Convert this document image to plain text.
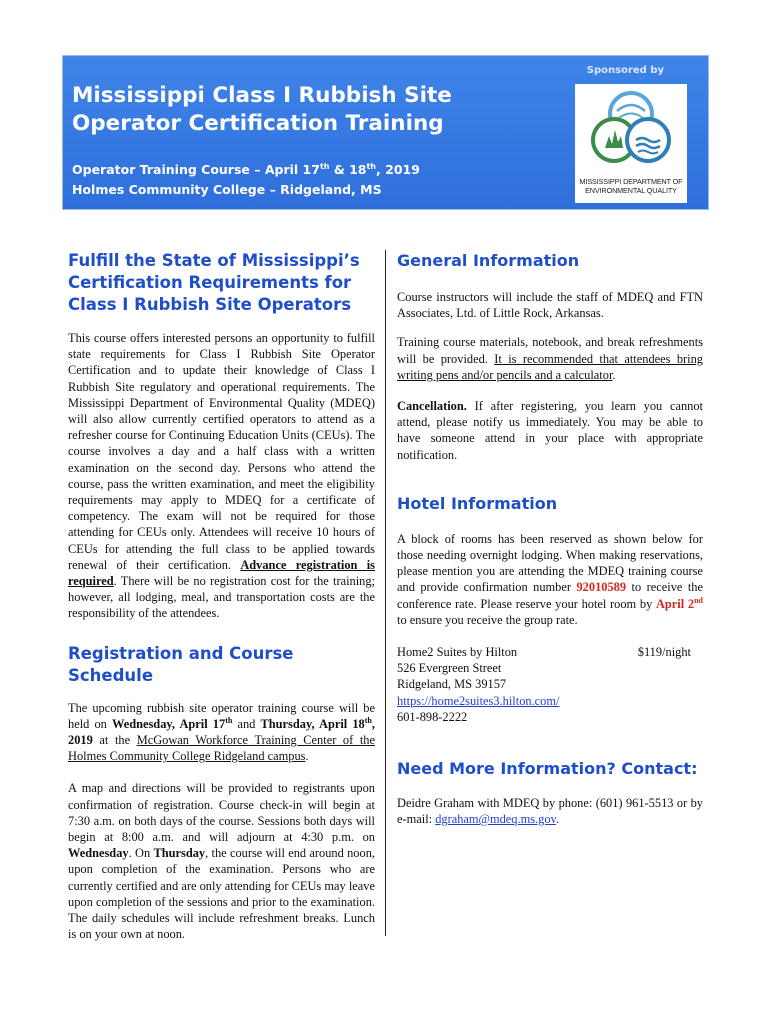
Sponsored by
Mississippi Class I Rubbish Site Operator Certification Training
Operator Training Course – April 17th & 18th, 2019
Holmes Community College – Ridgeland, MS
MISSISSIPPI DEPARTMENT OF
ENVIRONMENTAL QUALITY
Fulfill the State of Mississippi’s Certification Requirements for Class I Rubbish Site Operators

This course offers interested persons an opportunity to fulfill state requirements for Class I Rubbish Site Operator Certification and to update their knowledge of Class I Rubbish Site regulatory and operational requirements. The Mississippi Department of Environmental Quality (MDEQ) will also allow currently certified operators to attend as a refresher course for Continuing Education Units (CEUs). The course involves a day and a half class with a written examination on the second day. Persons who attend the course, pass the written examination, and meet the eligibility requirements may apply to MDEQ for a certificate of competency. The exam will not be required for those attending for CEUs only. Attendees will receive 10 hours of CEUs for attending the full class to be applied towards renewal of their certification. Advance registration is required. There will be no registration cost for the training; however, all lodging, meal, and transportation costs are the responsibility of the attendees.

Registration and Course Schedule

The upcoming rubbish site operator training course will be held on Wednesday, April 17th and Thursday, April 18th, 2019 at the McGowan Workforce Training Center of the Holmes Community College Ridgeland campus.

A map and directions will be provided to registrants upon confirmation of registration. Course check-in will begin at 7:30 a.m. on both days of the course. Sessions both days will begin at 8:00 a.m. and will adjourn at 4:30 p.m. on Wednesday. On Thursday, the course will end around noon, upon completion of the examination. Persons who are currently certified and are only attending for CEUs may leave upon completion of the sessions and prior to the examination. The daily schedules will include refreshment breaks. Lunch is on your own at noon.

General Information

Course instructors will include the staff of MDEQ and FTN Associates, Ltd. of Little Rock, Arkansas.

Training course materials, notebook, and break refreshments will be provided. It is recommended that attendees bring writing pens and/or pencils and a calculator.

Cancellation. If after registering, you learn you cannot attend, please notify us immediately. You may be able to have someone attend in your place with appropriate notification.

Hotel Information

A block of rooms has been reserved as shown below for those needing overnight lodging. When making reservations, please mention you are attending the MDEQ training course and provide confirmation number 92010589 to receive the conference rate. Please reserve your hotel room by April 2nd to ensure you receive the group rate.

Home2 Suites by Hilton	$119/night
526 Evergreen Street
Ridgeland, MS 39157
https://home2suites3.hilton.com/
601-898-2222
Need More Information? Contact:

Deidre Graham with MDEQ by phone: (601) 961-5513 or by e-mail: dgraham@mdeq.ms.gov.
